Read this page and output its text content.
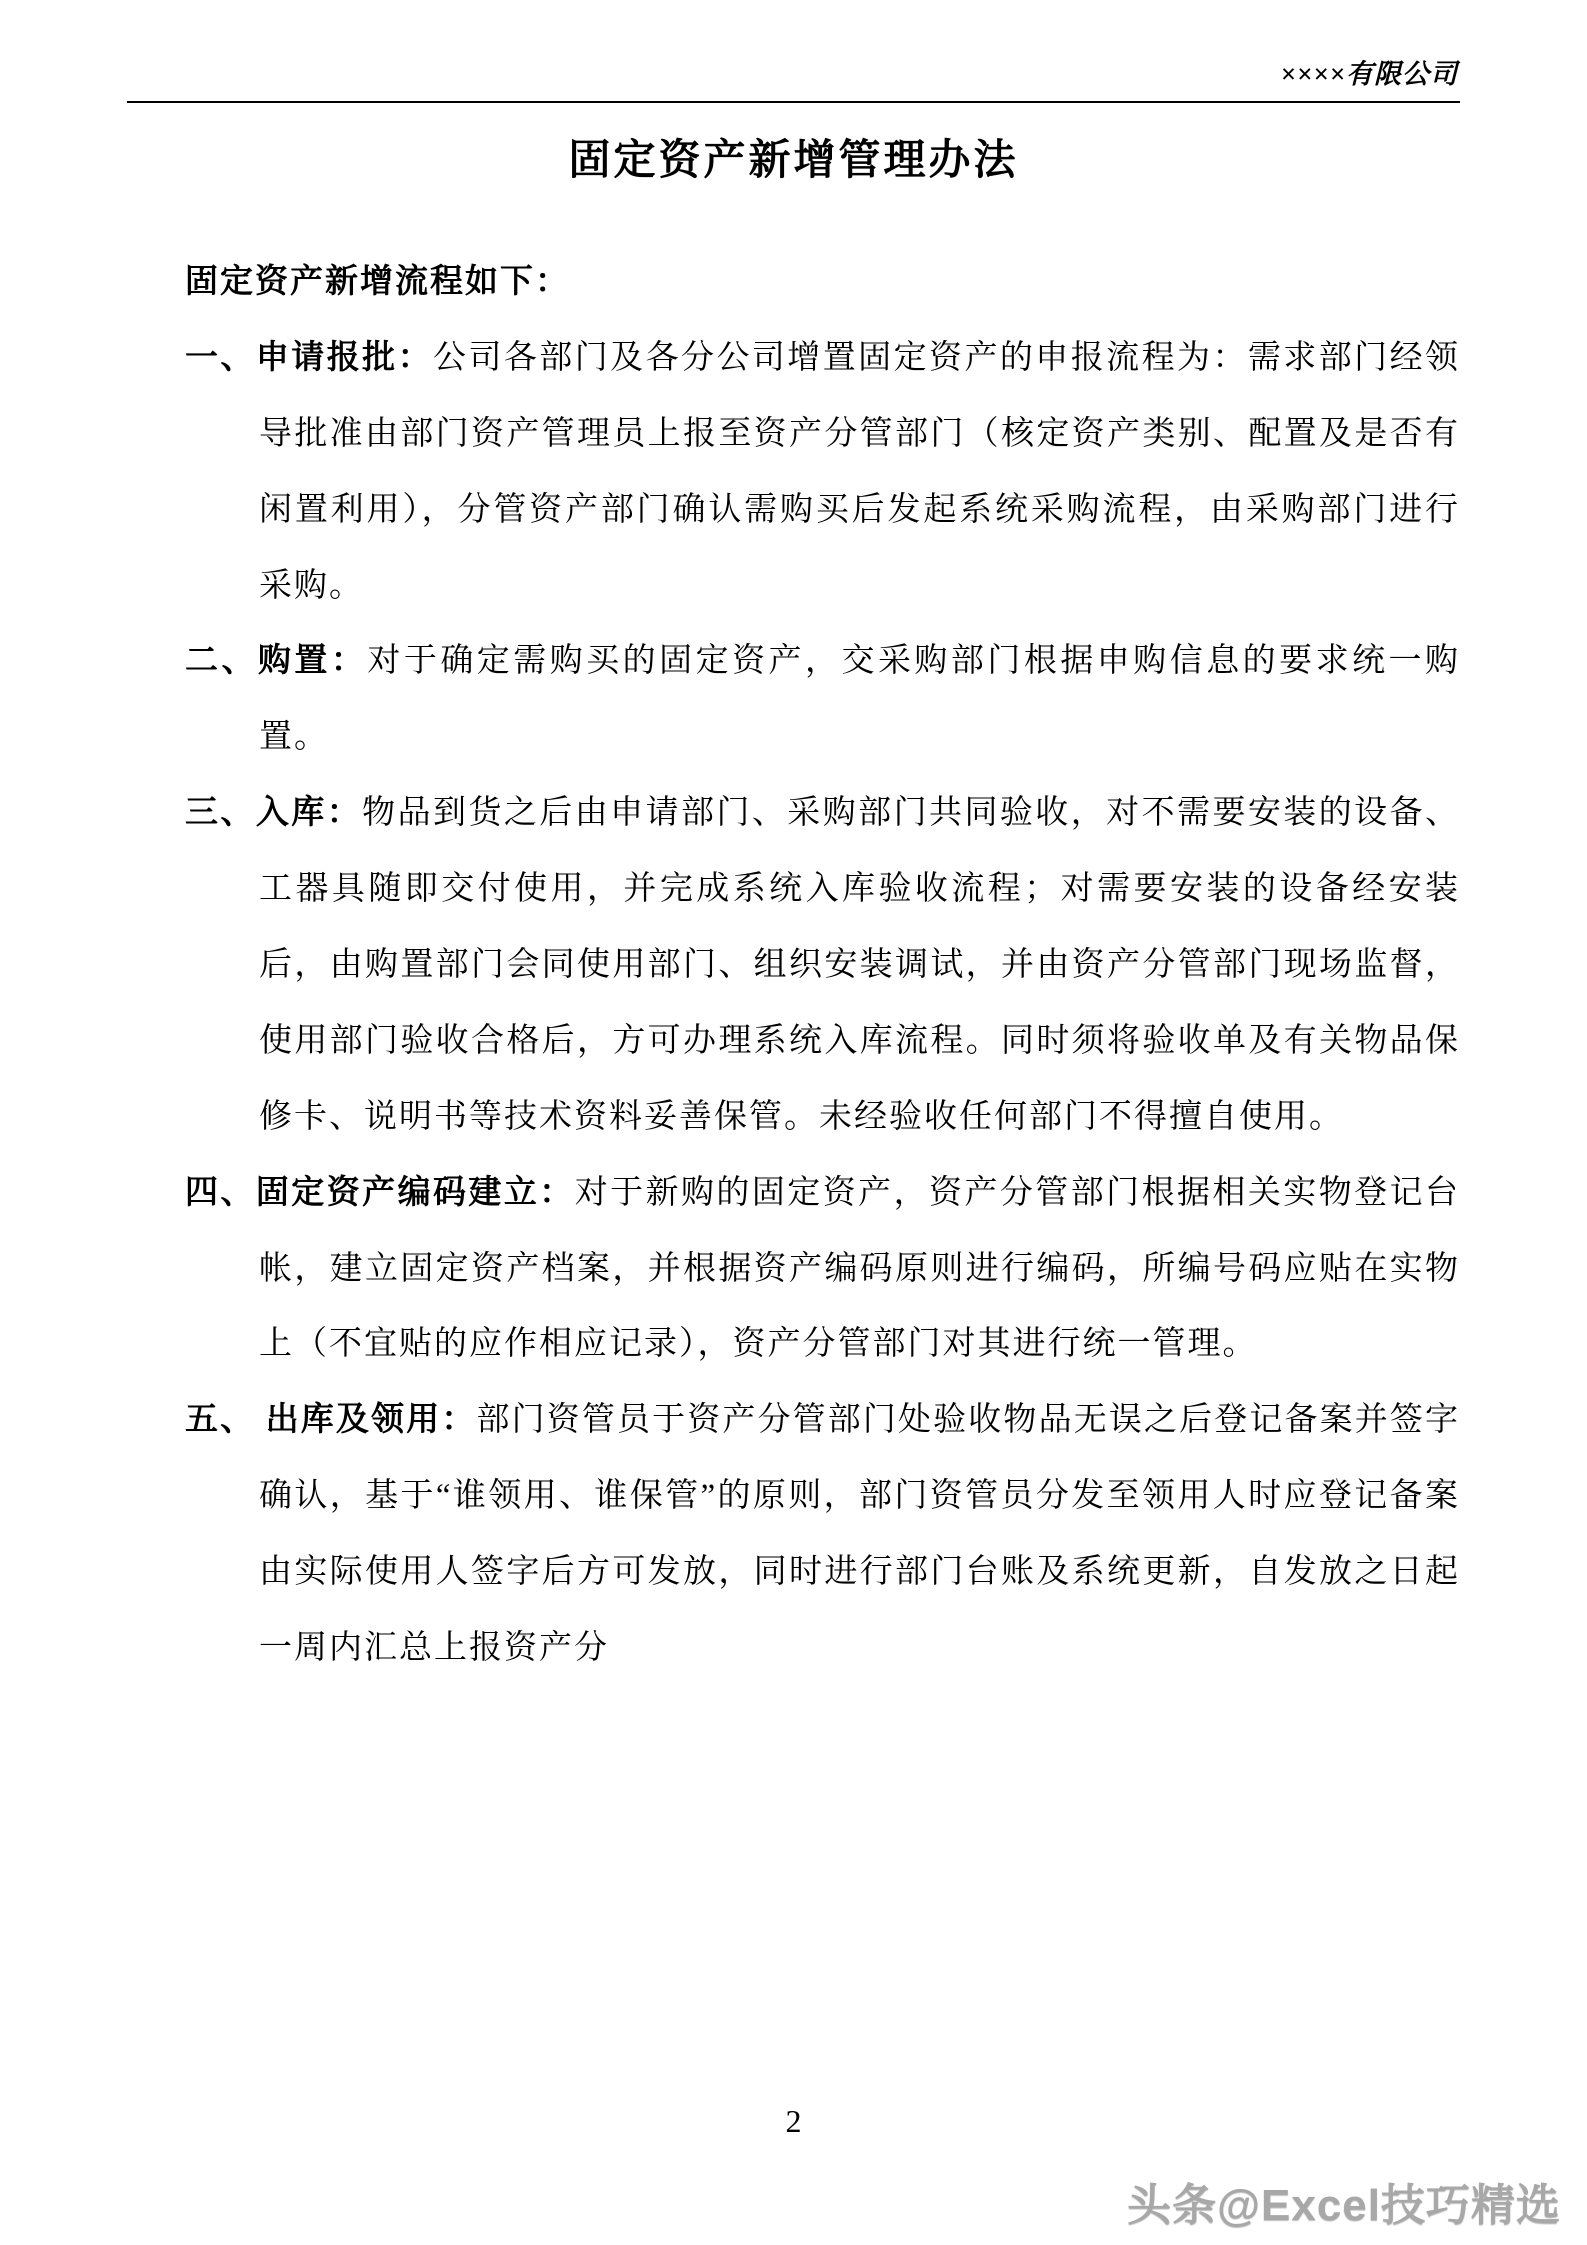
××××有限公司
固定资产新增管理办法

固定资产新增流程如下：

一、申请报批：公司各部门及各分公司增置固定资产的申报流程为：需求部门经领导批准由部门资产管理员上报至资产分管部门（核定资产类别、配置及是否有闲置利用），分管资产部门确认需购买后发起系统采购流程，由采购部门进行采购。

二、购置：对于确定需购买的固定资产，交采购部门根据申购信息的要求统一购置。

三、入库：物品到货之后由申请部门、采购部门共同验收，对不需要安装的设备、工器具随即交付使用，并完成系统入库验收流程；对需要安装的设备经安装后，由购置部门会同使用部门、组织安装调试，并由资产分管部门现场监督，使用部门验收合格后，方可办理系统入库流程。同时须将验收单及有关物品保修卡、说明书等技术资料妥善保管。未经验收任何部门不得擅自使用。

四、固定资产编码建立：对于新购的固定资产，资产分管部门根据相关实物登记台帐，建立固定资产档案，并根据资产编码原则进行编码，所编号码应贴在实物上（不宜贴的应作相应记录），资产分管部门对其进行统一管理。

五、 出库及领用：部门资管员于资产分管部门处验收物品无误之后登记备案并签字确认，基于“谁领用、谁保管”的原则，部门资管员分发至领用人时应登记备案由实际使用人签字后方可发放，同时进行部门台账及系统更新，自发放之日起一周内汇总上报资产分

2
头条@Excel技巧精选
